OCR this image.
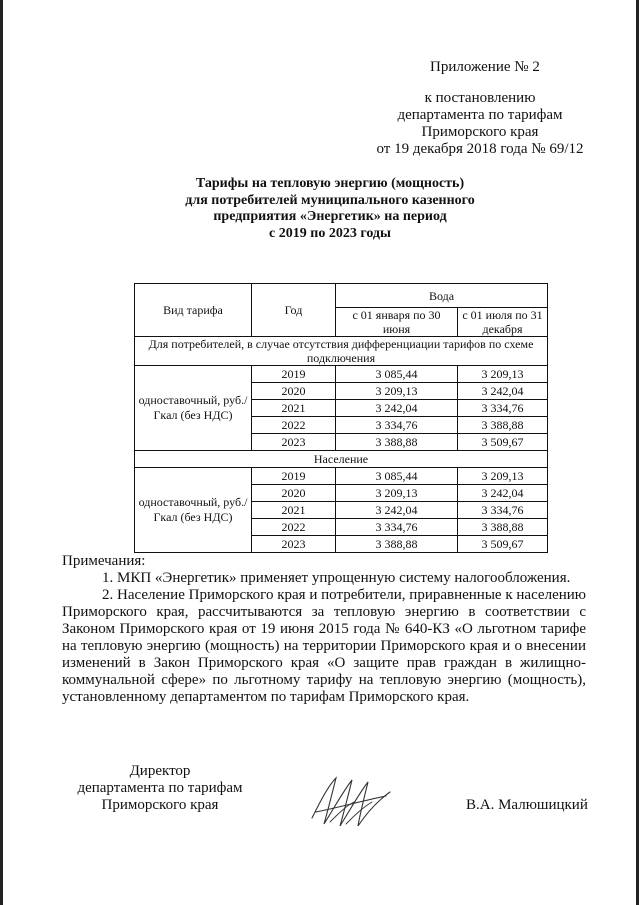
Приложение № 2
к постановлению
департамента по тарифам
Приморского края
от 19 декабря 2018 года № 69/12
Тарифы на тепловую энергию (мощность)
для потребителей муниципального казенного
предприятия «Энергетик» на период
с 2019 по 2023 годы
Вид тарифа	Год	Вода	
		с 01 января по 30 июня	с 01 июля по 31 декабря
Для потребителей, в случае отсутствия дифференциации тарифов по схеме подключения			
одноставочный, руб./Гкал (без НДС)	2019	3 085,44	3 209,13
	2020	3 209,13	3 242,04
	2021	3 242,04	3 334,76
	2022	3 334,76	3 388,88
	2023	3 388,88	3 509,67
Население			
одноставочный, руб./Гкал (без НДС)	2019	3 085,44	3 209,13
	2020	3 209,13	3 242,04
	2021	3 242,04	3 334,76
	2022	3 334,76	3 388,88
	2023	3 388,88	3 509,67
Примечания:
1. МКП «Энергетик» применяет упрощенную систему налогообложения.
2. Население Приморского края и потребители, приравненные к населению Приморского края, рассчитываются за тепловую энергию в соответствии с Законом Приморского края от 19 июня 2015 года № 640-КЗ «О льготном тарифе на тепловую энергию (мощность) на территории Приморского края и о внесении изменений в Закон Приморского края «О защите прав граждан в жилищно-коммунальной сфере» по льготному тарифу на тепловую энергию (мощность), установленному департаментом по тарифам Приморского края.
Директор
департамента по тарифам
Приморского края	В.А. Малюшицкий
